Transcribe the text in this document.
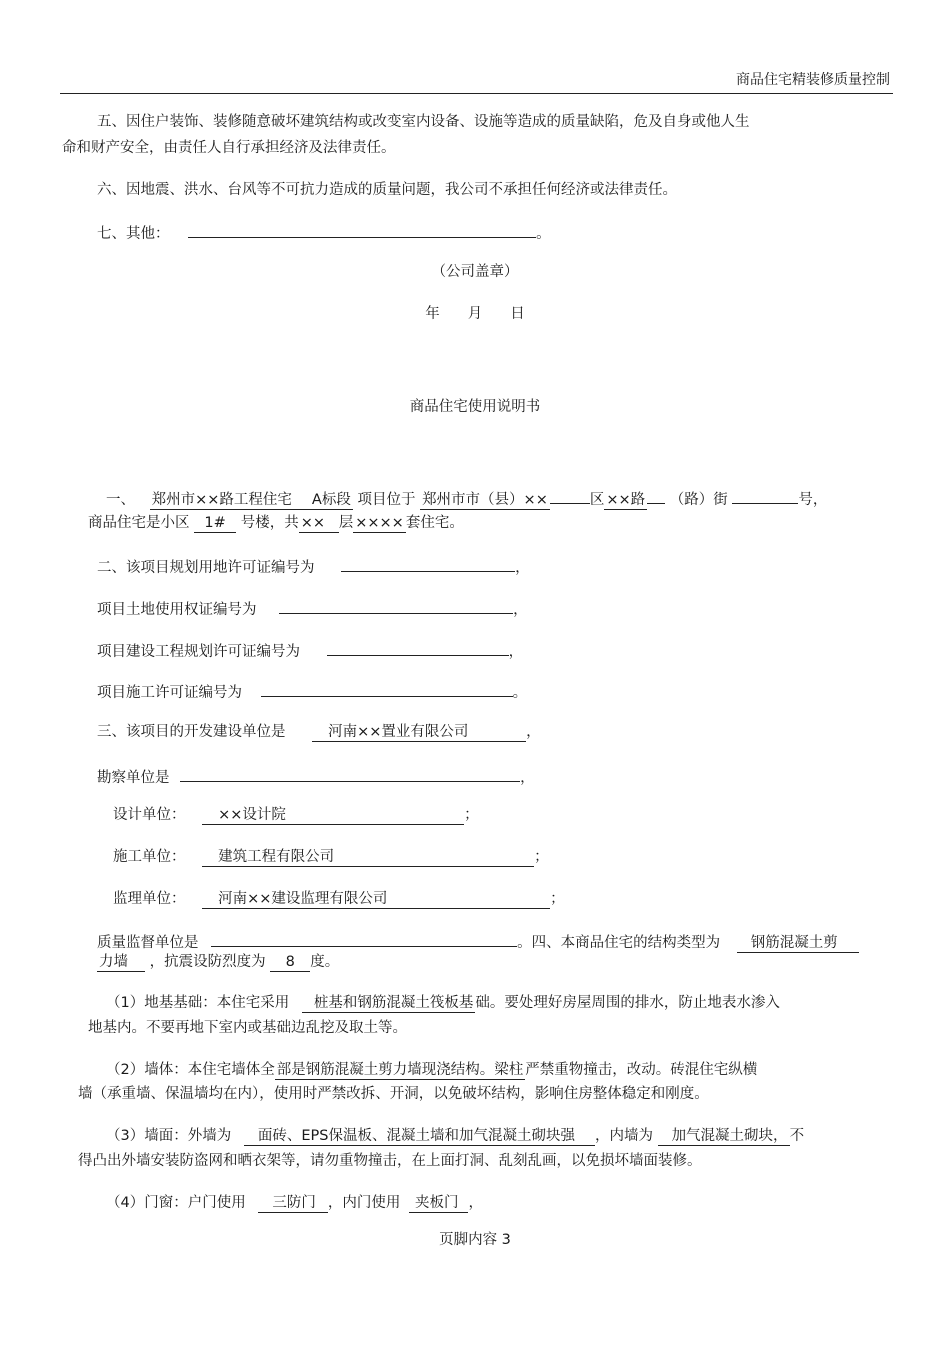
商品住宅精装修质量控制
五、因住户装饰、装修随意破坏建筑结构或改变室内设备、设施等造成的质量缺陷，危及自身或他人生
命和财产安全，由责任人自行承担经济及法律责任。
六、因地震、洪水、台风等不可抗力造成的质量问题，我公司不承担任何经济或法律责任。
七、其他：	。
（公司盖章）
年 月 日
商品住宅使用说明书
一、 郑州市××路工程住宅 A标段 项目位于 郑州市市（县）××	区 ××路 （路）街	号，
商品住宅是小区 1# 号楼，共 ×× 层 ×××× 套住宅。
二、该项目规划用地许可证编号为	，
项目土地使用权证编号为	，
项目建设工程规划许可证编号为	，
项目施工许可证编号为	。
三、该项目的开发建设单位是	河南××置业有限公司	，
勘察单位是	，
设计单位： ××设计院	；
施工单位： 建筑工程有限公司	；
监理单位： 河南××建设监理有限公司	；
质量监督单位是	。四、本商品住宅的结构类型为 钢筋混凝土剪
力墙 ，抗震设防烈度为 8 度。
（1）地基基础：本住宅采用 桩基和钢筋混凝土筏板基 础。要处理好房屋周围的排水，防止地表水渗入
地基内。不要再地下室内或基础边乱挖及取土等。
（2）墙体：本住宅墙体全 部是钢筋混凝土剪力墙现浇结构。梁柱 严禁重物撞击，改动。砖混住宅纵横
墙（承重墙、保温墙均在内），使用时严禁改拆、开洞，以免破坏结构，影响住房整体稳定和刚度。
（3）墙面：外墙为 面砖、EPS保温板、混凝土墙和加气混凝土砌块强 ，内墙为 加气混凝土砌块， 不
得凸出外墙安装防盗网和晒衣架等，请勿重物撞击，在上面打洞、乱刻乱画，以免损坏墙面装修。
（4）门窗：户门使用 三防门 ，内门使用 夹板门 ，
页脚内容 3
